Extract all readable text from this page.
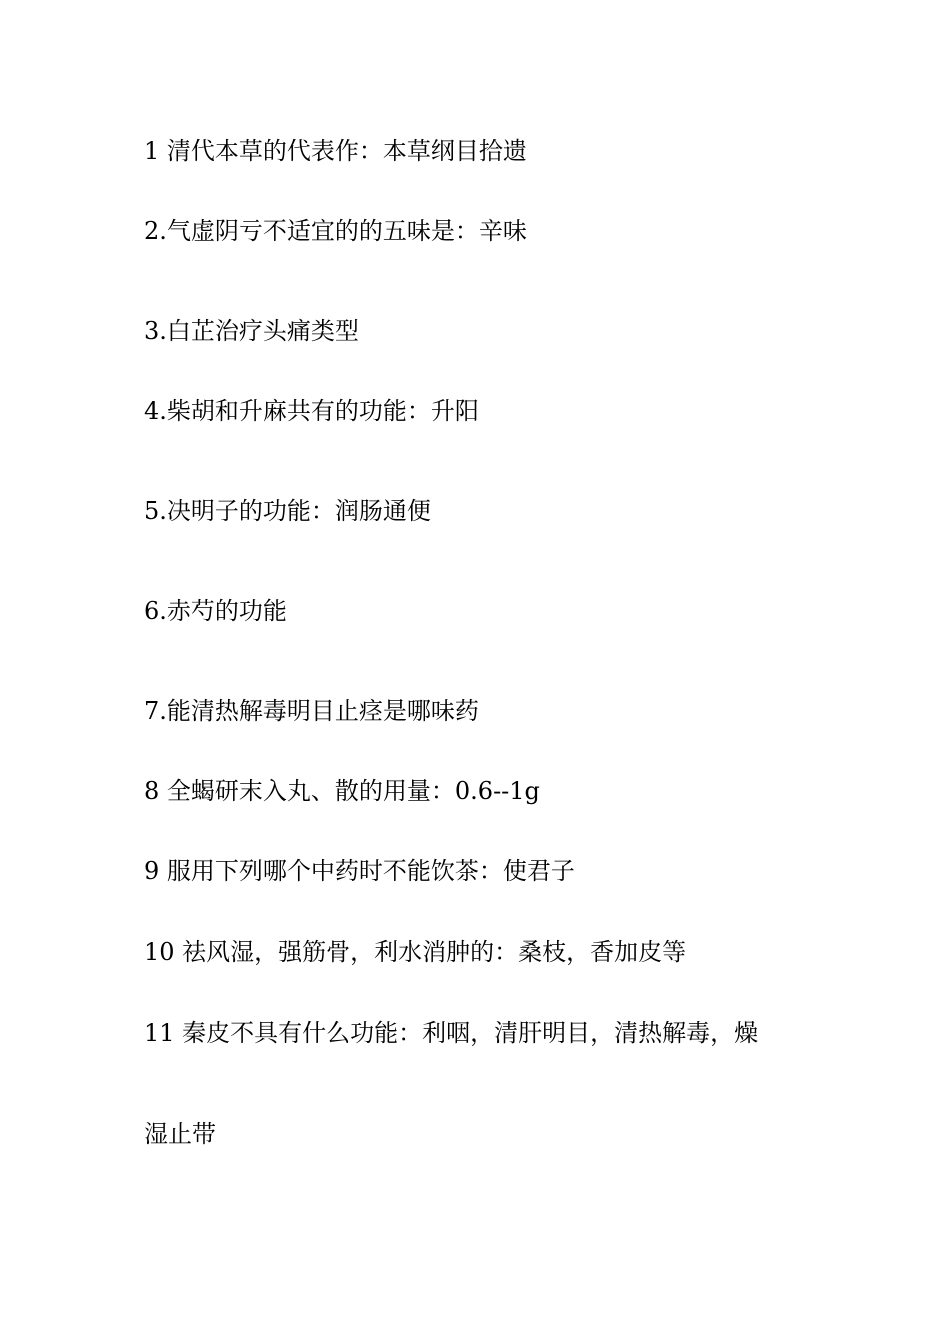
1 清代本草的代表作：本草纲目拾遗

2.气虚阴亏不适宜的的五味是：辛味

3.白芷治疗头痛类型

4.柴胡和升麻共有的功能：升阳

5.决明子的功能：润肠通便

6.赤芍的功能

7.能清热解毒明目止痉是哪味药

8 全蝎研末入丸、散的用量：0.6--1g

9 服用下列哪个中药时不能饮茶：使君子

10 祛风湿，强筋骨，利水消肿的：桑枝，香加皮等

11 秦皮不具有什么功能：利咽，清肝明目，清热解毒，燥

湿止带
